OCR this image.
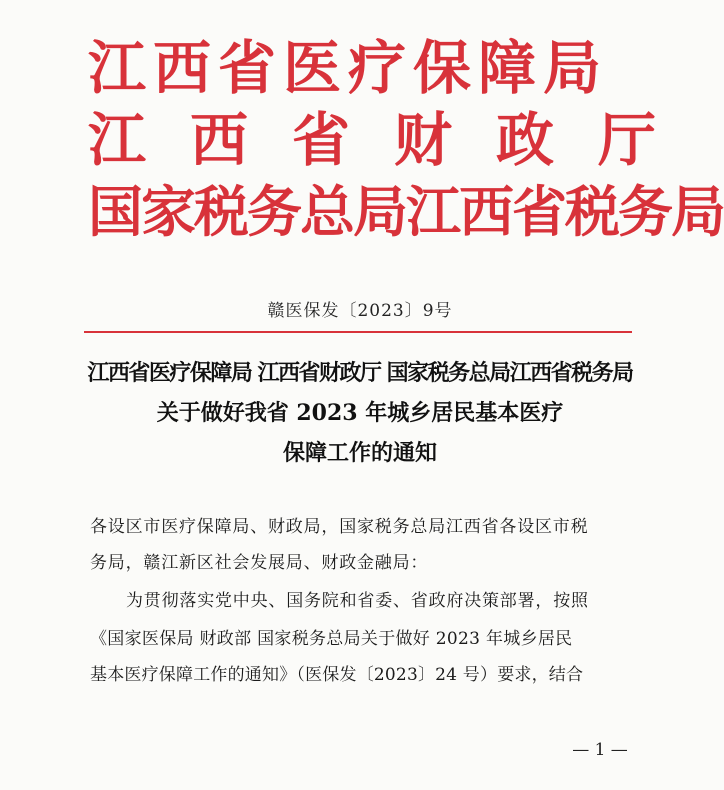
江西省医疗保障局
江西省财政厅
国家税务总局江西省税务局
赣医保发〔2023〕9号
江西省医疗保障局 江西省财政厅 国家税务总局江西省税务局
关于做好我省 2023 年城乡居民基本医疗
保障工作的通知
各设区市医疗保障局、财政局，国家税务总局江西省各设区市税
务局，赣江新区社会发展局、财政金融局：
为贯彻落实党中央、国务院和省委、省政府决策部署，按照
《国家医保局 财政部 国家税务总局关于做好 2023 年城乡居民
基本医疗保障工作的通知》（医保发〔2023〕24 号）要求，结合
— 1 —
